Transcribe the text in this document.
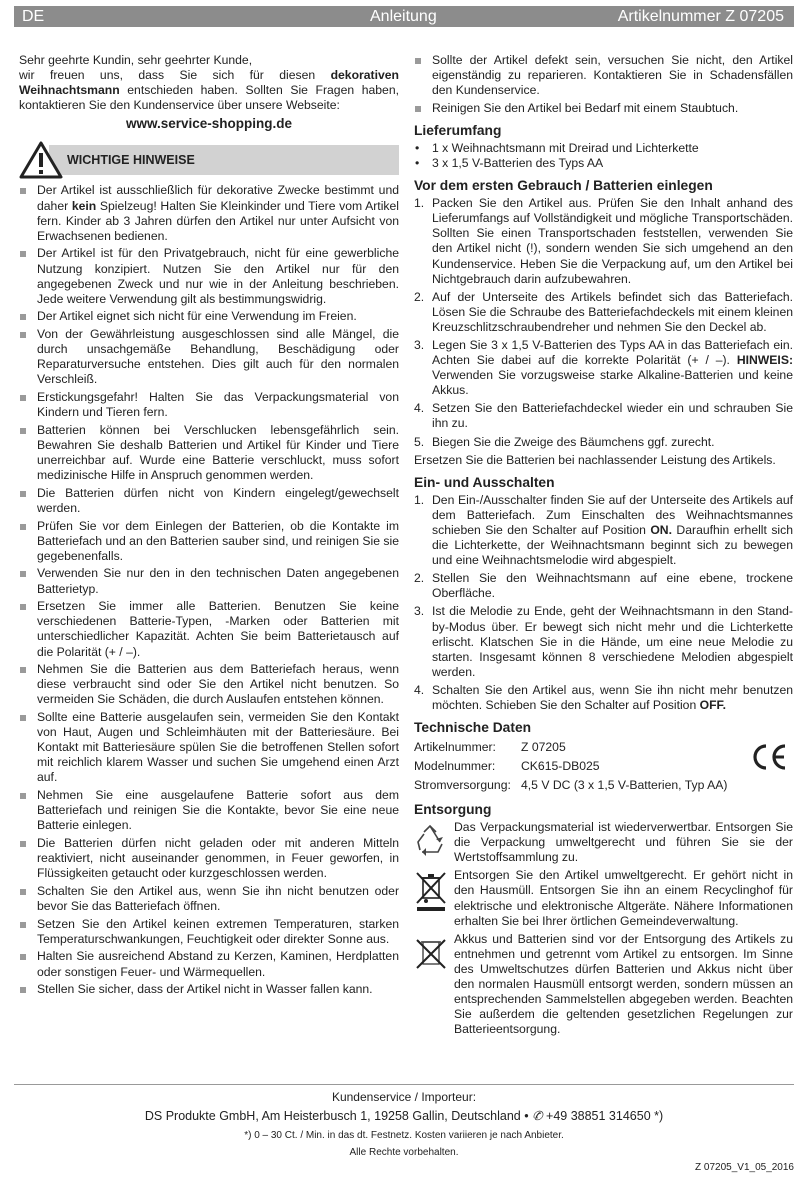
DE	Anleitung	Artikelnummer Z 07205

Sehr geehrte Kundin, sehr geehrter Kunde,

wir freuen uns, dass Sie sich für diesen dekorativen Weihnachtsmann entschieden haben. Sollten Sie Fragen haben, kontaktieren Sie den Kundenservice über unsere Webseite:

www.service-shopping.de
WICHTIGE HINWEISE
Der Artikel ist ausschließlich für dekorative Zwecke bestimmt und daher kein Spielzeug! Halten Sie Kleinkinder und Tiere vom Artikel fern. Kinder ab 3 Jahren dürfen den Artikel nur unter Aufsicht von Erwachsenen bedienen.
Der Artikel ist für den Privatgebrauch, nicht für eine gewerbliche Nutzung konzipiert. Nutzen Sie den Artikel nur für den angegebenen Zweck und nur wie in der Anleitung beschrieben. Jede weitere Verwendung gilt als bestimmungswidrig.
Der Artikel eignet sich nicht für eine Verwendung im Freien.
Von der Gewährleistung ausgeschlossen sind alle Mängel, die durch unsachgemäße Behandlung, Beschädigung oder Reparaturversuche entstehen. Dies gilt auch für den normalen Verschleiß.
Erstickungsgefahr! Halten Sie das Verpackungsmaterial von Kindern und Tieren fern.
Batterien können bei Verschlucken lebensgefährlich sein. Bewahren Sie deshalb Batterien und Artikel für Kinder und Tiere unerreichbar auf. Wurde eine Batterie verschluckt, muss sofort medizinische Hilfe in Anspruch genommen werden.
Die Batterien dürfen nicht von Kindern eingelegt/gewechselt werden.
Prüfen Sie vor dem Einlegen der Batterien, ob die Kontakte im Batteriefach und an den Batterien sauber sind, und reinigen Sie sie gegebenenfalls.
Verwenden Sie nur den in den technischen Daten angegebenen Batterietyp.
Ersetzen Sie immer alle Batterien. Benutzen Sie keine verschiedenen Batterie-Typen, -Marken oder Batterien mit unterschiedlicher Kapazität. Achten Sie beim Batterietausch auf die Polarität (+ / –).
Nehmen Sie die Batterien aus dem Batteriefach heraus, wenn diese verbraucht sind oder Sie den Artikel nicht benutzen. So vermeiden Sie Schäden, die durch Auslaufen entstehen können.
Sollte eine Batterie ausgelaufen sein, vermeiden Sie den Kontakt von Haut, Augen und Schleimhäuten mit der Batteriesäure. Bei Kontakt mit Batteriesäure spülen Sie die betroffenen Stellen sofort mit reichlich klarem Wasser und suchen Sie umgehend einen Arzt auf.
Nehmen Sie eine ausgelaufene Batterie sofort aus dem Batteriefach und reinigen Sie die Kontakte, bevor Sie eine neue Batterie einlegen.
Die Batterien dürfen nicht geladen oder mit anderen Mitteln reaktiviert, nicht auseinander genommen, in Feuer geworfen, in Flüssigkeiten getaucht oder kurzgeschlossen werden.
Schalten Sie den Artikel aus, wenn Sie ihn nicht benutzen oder bevor Sie das Batteriefach öffnen.
Setzen Sie den Artikel keinen extremen Temperaturen, starken Temperaturschwankungen, Feuchtigkeit oder direkter Sonne aus.
Halten Sie ausreichend Abstand zu Kerzen, Kaminen, Herdplatten oder sonstigen Feuer- und Wärmequellen.
Stellen Sie sicher, dass der Artikel nicht in Wasser fallen kann.
Sollte der Artikel defekt sein, versuchen Sie nicht, den Artikel eigenständig zu reparieren. Kontaktieren Sie in Schadensfällen den Kundenservice.
Reinigen Sie den Artikel bei Bedarf mit einem Staubtuch.
Lieferumfang
• 1 x Weihnachtsmann mit Dreirad und Lichterkette
• 3 x 1,5 V-Batterien des Typs AA
Vor dem ersten Gebrauch / Batterien einlegen
1. Packen Sie den Artikel aus. Prüfen Sie den Inhalt anhand des Lieferumfangs auf Vollständigkeit und mögliche Transportschäden. Sollten Sie einen Transportschaden feststellen, verwenden Sie den Artikel nicht (!), sondern wenden Sie sich umgehend an den Kundenservice. Heben Sie die Verpackung auf, um den Artikel bei Nichtgebrauch darin aufzubewahren.
2. Auf der Unterseite des Artikels befindet sich das Batteriefach. Lösen Sie die Schraube des Batteriefachdeckels mit einem kleinen Kreuzschlitzschraubendreher und nehmen Sie den Deckel ab.
3. Legen Sie 3 x 1,5 V-Batterien des Typs AA in das Batteriefach ein. Achten Sie dabei auf die korrekte Polarität (+ / –). HINWEIS: Verwenden Sie vorzugsweise starke Alkaline-Batterien und keine Akkus.
4. Setzen Sie den Batteriefachdeckel wieder ein und schrauben Sie ihn zu.
5. Biegen Sie die Zweige des Bäumchens ggf. zurecht.

Ersetzen Sie die Batterien bei nachlassender Leistung des Artikels.

Ein- und Ausschalten
1. Den Ein-/Ausschalter finden Sie auf der Unterseite des Artikels auf dem Batteriefach. Zum Einschalten des Weihnachtsmannes schieben Sie den Schalter auf Position ON. Daraufhin erhellt sich die Lichterkette, der Weihnachtsmann beginnt sich zu bewegen und eine Weihnachtsmelodie wird abgespielt.
2. Stellen Sie den Weihnachtsmann auf eine ebene, trockene Oberfläche.
3. Ist die Melodie zu Ende, geht der Weihnachtsmann in den Stand-by-Modus über. Er bewegt sich nicht mehr und die Lichterkette erlischt. Klatschen Sie in die Hände, um eine neue Melodie zu starten. Insgesamt können 8 verschiedene Melodien abgespielt werden.
4. Schalten Sie den Artikel aus, wenn Sie ihn nicht mehr benutzen möchten. Schieben Sie den Schalter auf Position OFF.
Technische Daten
Artikelnummer:	Z 07205
Modelnummer:	CK615-DB025
Stromversorgung: 4,5 V DC (3 x 1,5 V-Batterien, Typ AA)
Entsorgung

Das Verpackungsmaterial ist wiederverwertbar. Entsorgen Sie die Verpackung umweltgerecht und führen Sie sie der Wertstoffsammlung zu.

Entsorgen Sie den Artikel umweltgerecht. Er gehört nicht in den Hausmüll. Entsorgen Sie ihn an einem Recyclinghof für elektrische und elektronische Altgeräte. Nähere Informationen erhalten Sie bei Ihrer örtlichen Gemeindeverwaltung.

Akkus und Batterien sind vor der Entsorgung des Artikels zu entnehmen und getrennt vom Artikel zu entsorgen. Im Sinne des Umweltschutzes dürfen Batterien und Akkus nicht über den normalen Hausmüll entsorgt werden, sondern müssen an entsprechenden Sammelstellen abgegeben werden. Beachten Sie außerdem die geltenden gesetzlichen Regelungen zur Batterieentsorgung.

Kundenservice / Importeur:
DS Produkte GmbH, Am Heisterbusch 1, 19258 Gallin, Deutschland • ✆ +49 38851 314650 *)
*) 0 – 30 Ct. / Min. in das dt. Festnetz. Kosten variieren je nach Anbieter.
Alle Rechte vorbehalten.
Z 07205_V1_05_2016
